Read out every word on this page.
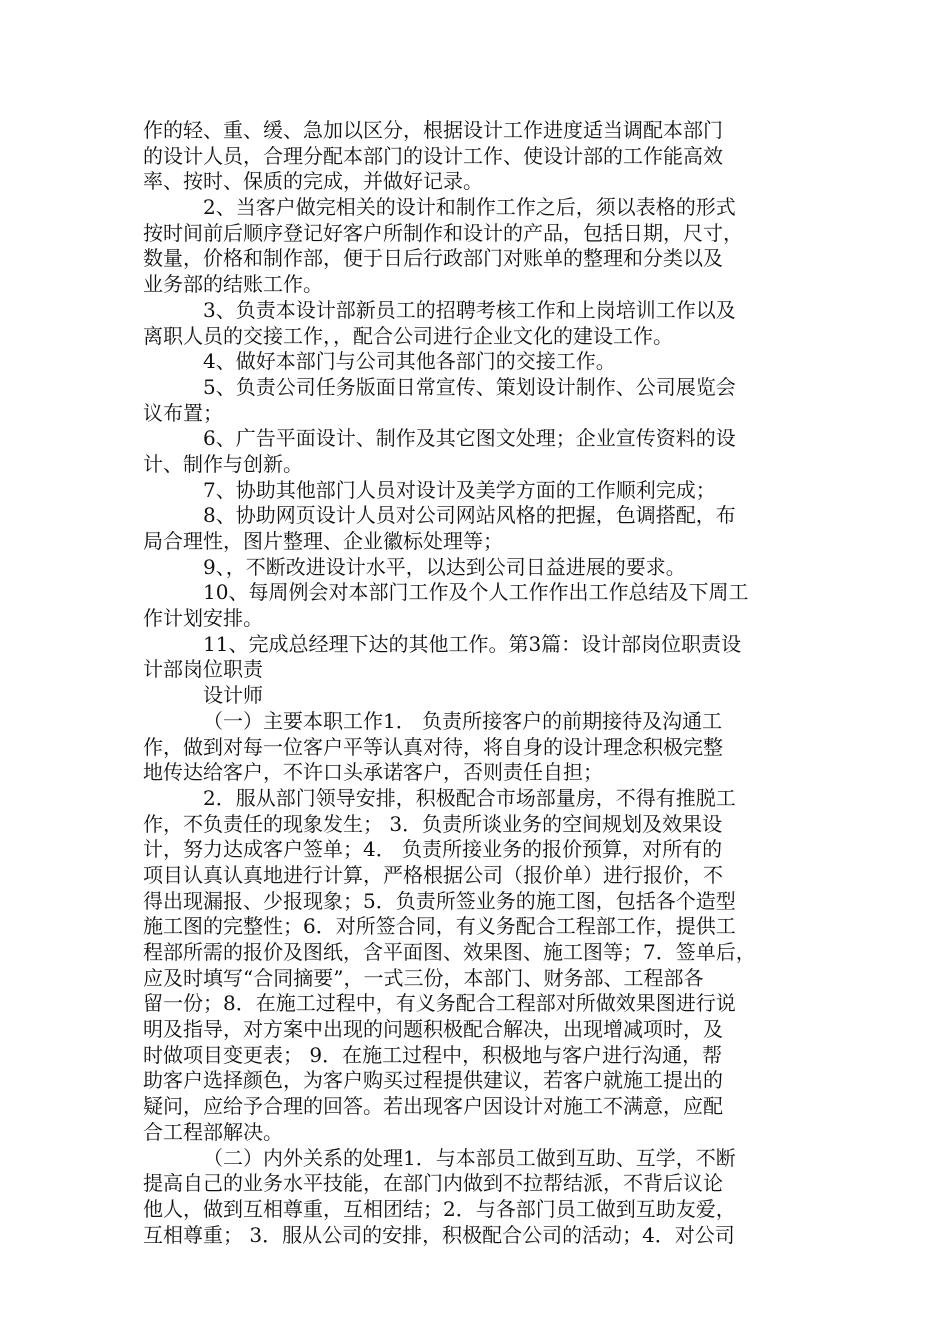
作的轻、重、缓、急加以区分，根据设计工作进度适当调配本部门
的设计人员，合理分配本部门的设计工作、使设计部的工作能高效
率、按时、保质的完成，并做好记录。
2、当客户做完相关的设计和制作工作之后，须以表格的形式
按时间前后顺序登记好客户所制作和设计的产品，包括日期，尺寸，
数量，价格和制作部，便于日后行政部门对账单的整理和分类以及
业务部的结账工作。
3、负责本设计部新员工的招聘考核工作和上岗培训工作以及
离职人员的交接工作，，配合公司进行企业文化的建设工作。
4、做好本部门与公司其他各部门的交接工作。
5、负责公司任务版面日常宣传、策划设计制作、公司展览会
议布置；
6、广告平面设计、制作及其它图文处理；企业宣传资料的设
计、制作与创新。
7、协助其他部门人员对设计及美学方面的工作顺利完成；
8、协助网页设计人员对公司网站风格的把握，色调搭配，布
局合理性，图片整理、企业徽标处理等；
9、，不断改进设计水平，以达到公司日益进展的要求。
10、每周例会对本部门工作及个人工作作出工作总结及下周工
作计划安排。
11、完成总经理下达的其他工作。第3篇：设计部岗位职责设
计部岗位职责
设计师
（一）主要本职工作1． 负责所接客户的前期接待及沟通工
作，做到对每一位客户平等认真对待，将自身的设计理念积极完整
地传达给客户，不许口头承诺客户，否则责任自担；
2．服从部门领导安排，积极配合市场部量房，不得有推脱工
作，不负责任的现象发生； 3．负责所谈业务的空间规划及效果设
计，努力达成客户签单；4． 负责所接业务的报价预算，对所有的
项目认真认真地进行计算，严格根据公司（报价单）进行报价，不
得出现漏报、少报现象；5．负责所签业务的施工图，包括各个造型
施工图的完整性；6．对所签合同，有义务配合工程部工作，提供工
程部所需的报价及图纸，含平面图、效果图、施工图等；7．签单后，
应及时填写“合同摘要”，一式三份，本部门、财务部、工程部各
留一份；8．在施工过程中，有义务配合工程部对所做效果图进行说
明及指导，对方案中出现的问题积极配合解决，出现增减项时，及
时做项目变更表； 9．在施工过程中，积极地与客户进行沟通，帮
助客户选择颜色，为客户购买过程提供建议，若客户就施工提出的
疑问，应给予合理的回答。若出现客户因设计对施工不满意，应配
合工程部解决。
（二）内外关系的处理1．与本部员工做到互助、互学，不断
提高自己的业务水平技能，在部门内做到不拉帮结派，不背后议论
他人，做到互相尊重，互相团结；2．与各部门员工做到互助友爱，
互相尊重； 3．服从公司的安排，积极配合公司的活动；4．对公司
